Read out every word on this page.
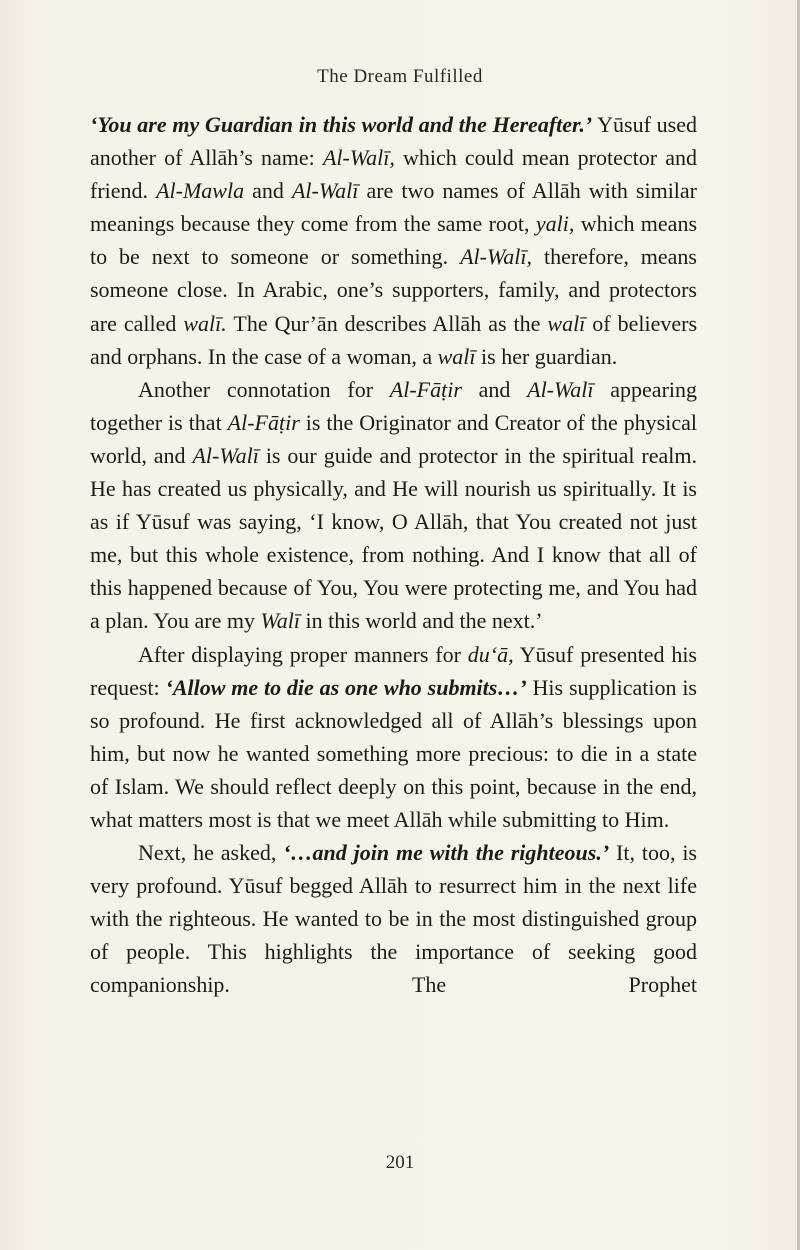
The Dream Fulfilled

‘You are my Guardian in this world and the Hereafter.’ Yūsuf used another of Allāh’s name: Al-Walī, which could mean protector and friend. Al-Mawla and Al-Walī are two names of Allāh with similar meanings because they come from the same root, yali, which means to be next to someone or something. Al-Walī, therefore, means someone close. In Arabic, one’s supporters, family, and protectors are called walī. The Qur’ān describes Allāh as the walī of believers and orphans. In the case of a woman, a walī is her guardian.

Another connotation for Al-Fāṭir and Al-Walī appearing together is that Al-Fāṭir is the Originator and Creator of the physical world, and Al-Walī is our guide and protector in the spiritual realm. He has created us physically, and He will nourish us spiritually. It is as if Yūsuf was saying, ‘I know, O Allāh, that You created not just me, but this whole existence, from nothing. And I know that all of this happened because of You, You were protecting me, and You had a plan. You are my Walī in this world and the next.’

After displaying proper manners for du‘ā, Yūsuf presented his request: ‘Allow me to die as one who submits…’ His supplication is so profound. He first acknowledged all of Allāh’s blessings upon him, but now he wanted something more precious: to die in a state of Islam. We should reflect deeply on this point, because in the end, what matters most is that we meet Allāh while submitting to Him.

Next, he asked, ‘…and join me with the righteous.’ It, too, is very profound. Yūsuf begged Allāh to resurrect him in the next life with the righteous. He wanted to be in the most distinguished group of people. This highlights the importance of seeking good companionship. The Prophet

201
